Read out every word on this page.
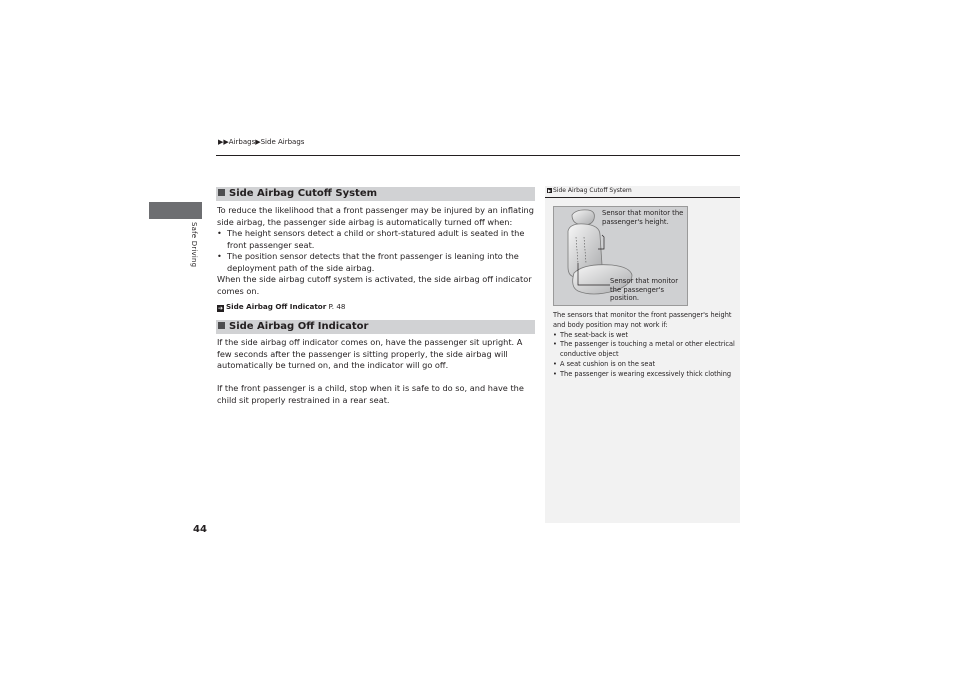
▶▶Airbags▶Side Airbags
Safe Driving
Side Airbag Cutoff System

To reduce the likelihood that a front passenger may be injured by an inflating side airbag, the passenger side airbag is automatically turned off when:

• The height sensors detect a child or short-statured adult is seated in the front passenger seat.
• The position sensor detects that the front passenger is leaning into the deployment path of the side airbag.

When the side airbag cutoff system is activated, the side airbag off indicator comes on.

➔ Side Airbag Off Indicator P. 48
Side Airbag Off Indicator

If the side airbag off indicator comes on, have the passenger sit upright. A few seconds after the passenger is sitting properly, the side airbag will automatically be turned on, and the indicator will go off.

If the front passenger is a child, stop when it is safe to do so, and have the child sit properly restrained in a rear seat.

▶ Side Airbag Cutoff System
Sensor that monitor the passenger's height.
Sensor that monitor the passenger's position.

The sensors that monitor the front passenger's height and body position may not work if:

• The seat-back is wet
• The passenger is touching a metal or other electrical conductive object
• A seat cushion is on the seat
• The passenger is wearing excessively thick clothing
44
